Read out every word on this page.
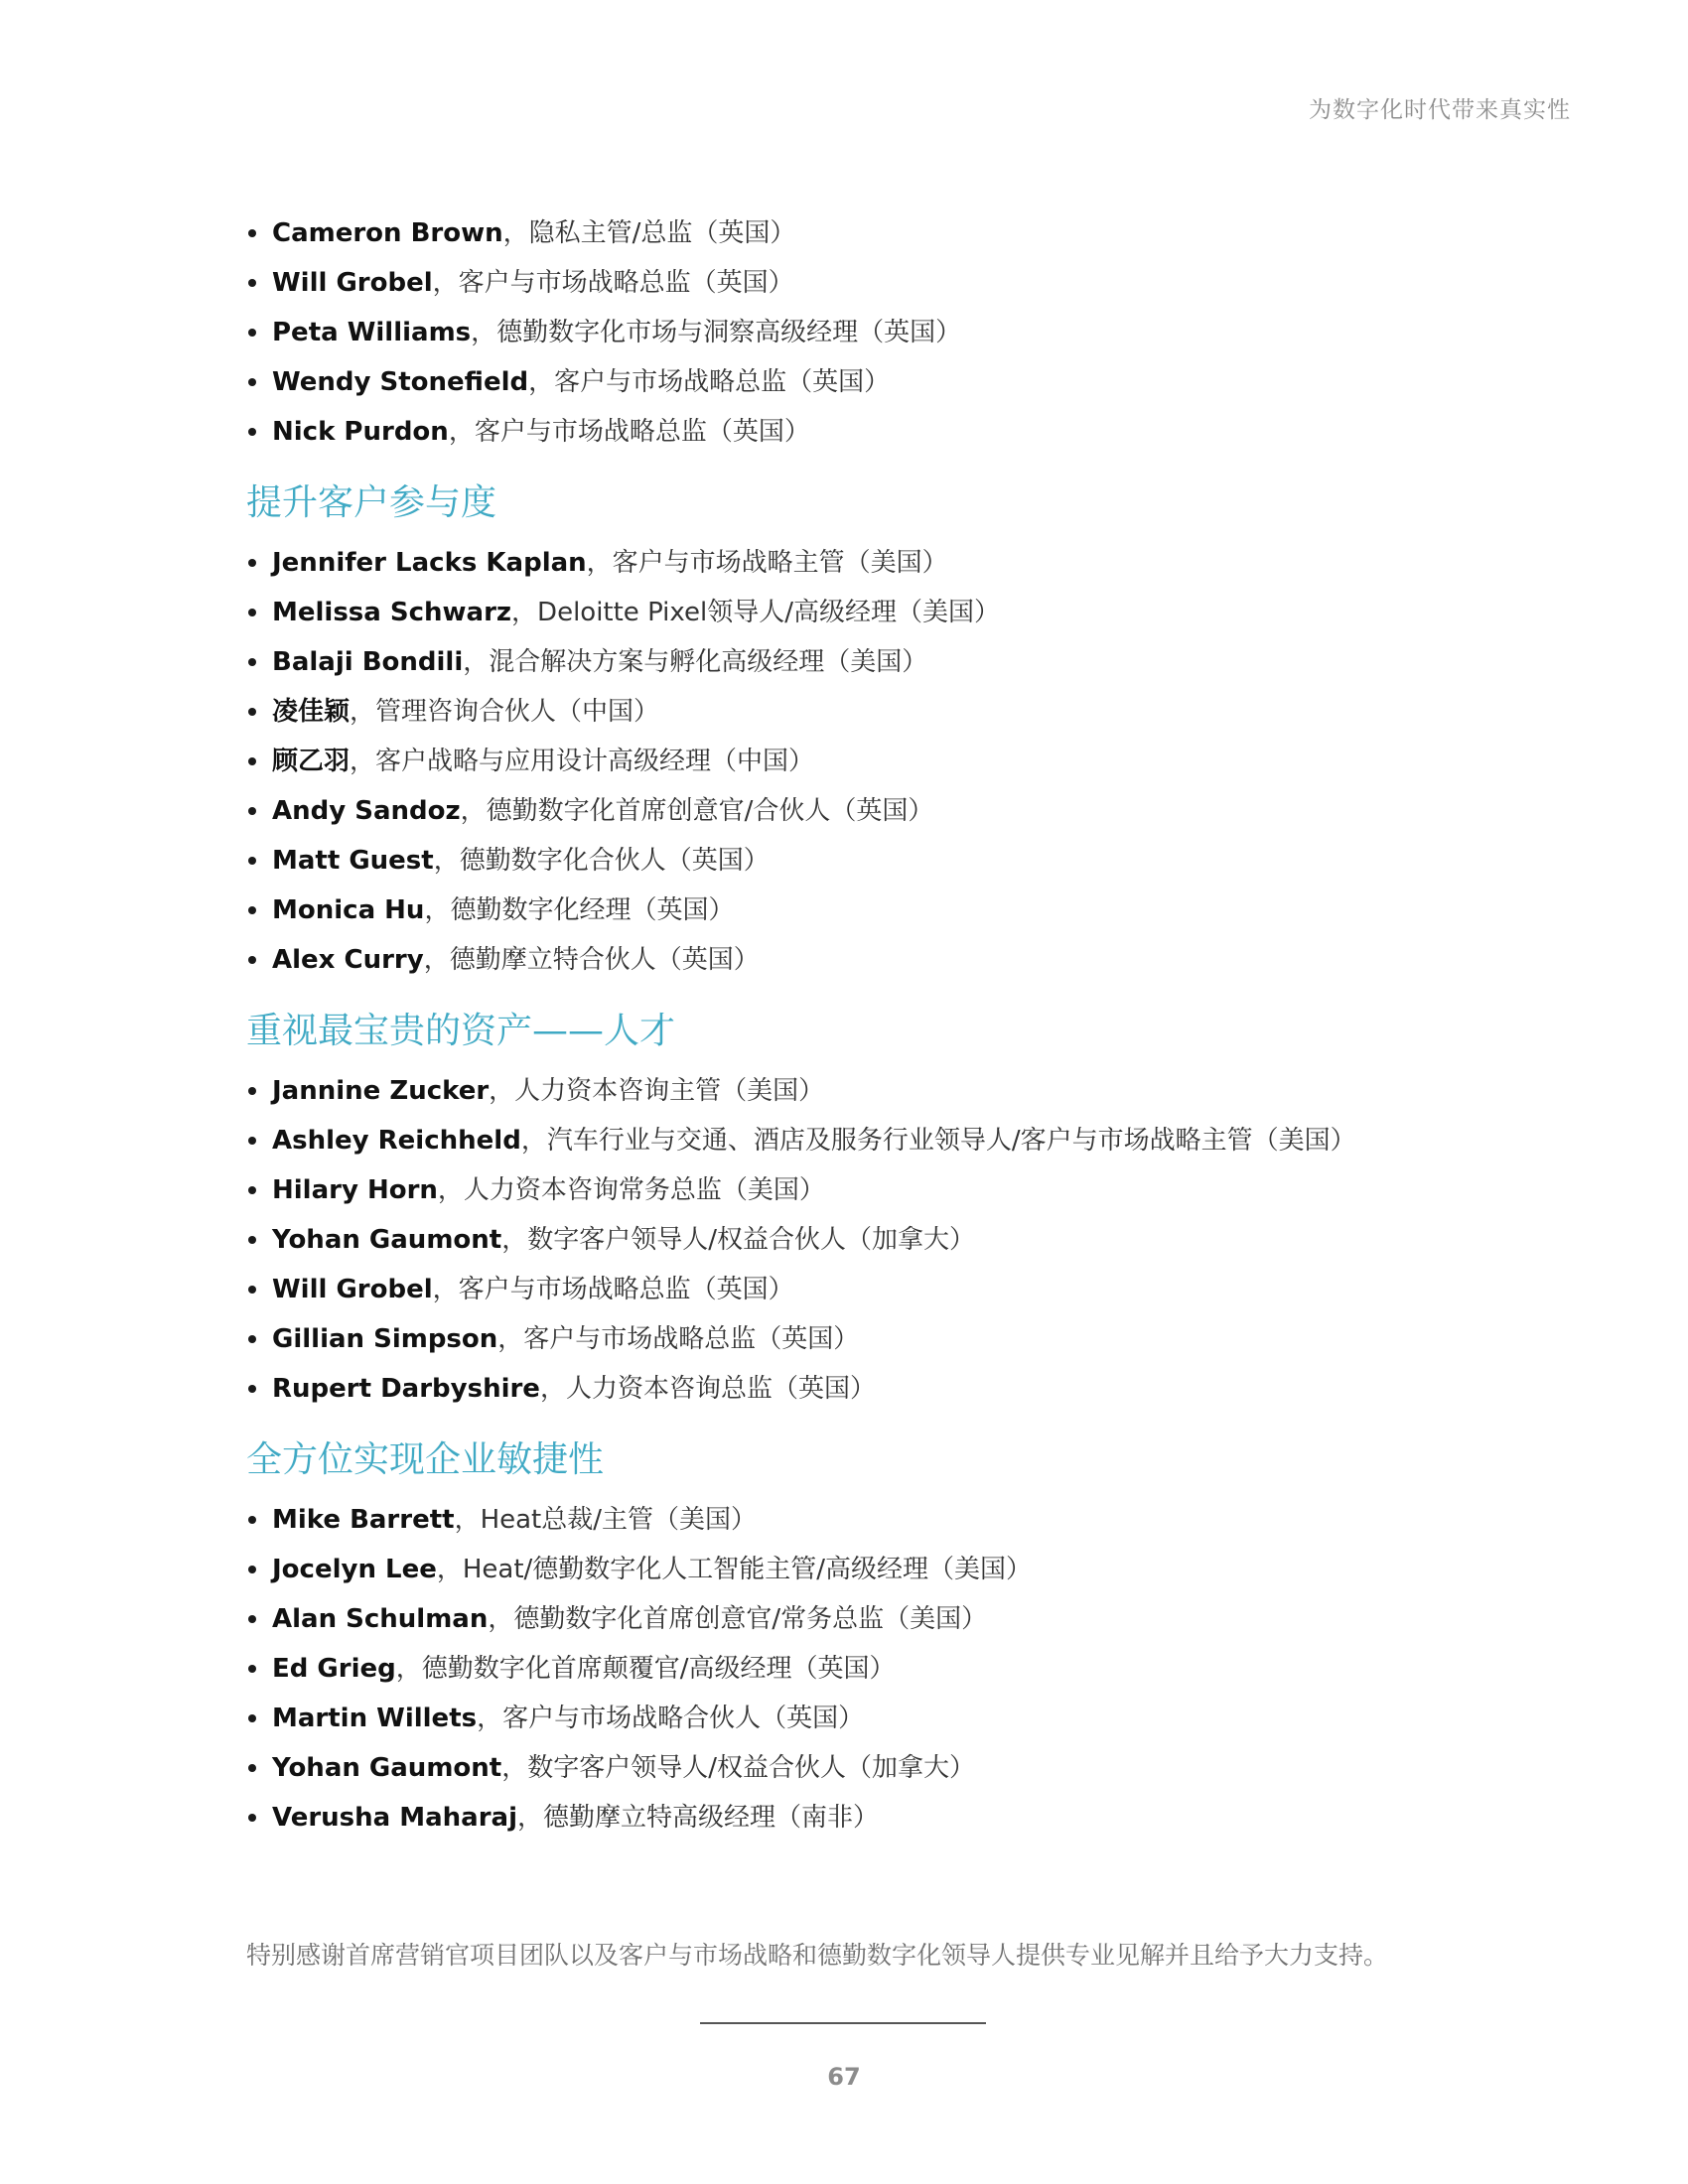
为数字化时代带来真实性
Cameron Brown，隐私主管/总监（英国）
Will Grobel，客户与市场战略总监（英国）
Peta Williams，德勤数字化市场与洞察高级经理（英国）
Wendy Stonefield，客户与市场战略总监（英国）
Nick Purdon，客户与市场战略总监（英国）
提升客户参与度
Jennifer Lacks Kaplan，客户与市场战略主管（美国）
Melissa Schwarz，Deloitte Pixel领导人/高级经理（美国）
Balaji Bondili，混合解决方案与孵化高级经理（美国）
凌佳颖，管理咨询合伙人（中国）
顾乙羽，客户战略与应用设计高级经理（中国）
Andy Sandoz，德勤数字化首席创意官/合伙人（英国）
Matt Guest，德勤数字化合伙人（英国）
Monica Hu，德勤数字化经理（英国）
Alex Curry，德勤摩立特合伙人（英国）
重视最宝贵的资产——人才
Jannine Zucker，人力资本咨询主管（美国）
Ashley Reichheld，汽车行业与交通、酒店及服务行业领导人/客户与市场战略主管（美国）
Hilary Horn，人力资本咨询常务总监（美国）
Yohan Gaumont，数字客户领导人/权益合伙人（加拿大）
Will Grobel，客户与市场战略总监（英国）
Gillian Simpson，客户与市场战略总监（英国）
Rupert Darbyshire，人力资本咨询总监（英国）
全方位实现企业敏捷性
Mike Barrett，Heat总裁/主管（美国）
Jocelyn Lee，Heat/德勤数字化人工智能主管/高级经理（美国）
Alan Schulman，德勤数字化首席创意官/常务总监（美国）
Ed Grieg，德勤数字化首席颠覆官/高级经理（英国）
Martin Willets，客户与市场战略合伙人（英国）
Yohan Gaumont，数字客户领导人/权益合伙人（加拿大）
Verusha Maharaj，德勤摩立特高级经理（南非）

特别感谢首席营销官项目团队以及客户与市场战略和德勤数字化领导人提供专业见解并且给予大力支持。

67
